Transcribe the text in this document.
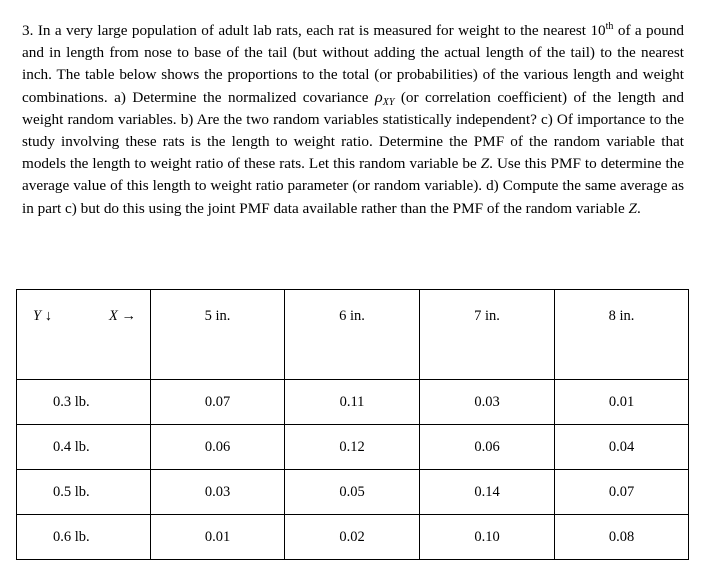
3. In a very large population of adult lab rats, each rat is measured for weight to the nearest 10th of a pound and in length from nose to base of the tail (but without adding the actual length of the tail) to the nearest inch. The table below shows the proportions to the total (or probabilities) of the various length and weight combinations. a) Determine the normalized covariance $\rho_{XY}$ (or correlation coefficient) of the length and weight random variables. b) Are the two random variables statistically independent? c) Of importance to the study involving these rats is the length to weight ratio. Determine the PMF of the random variable that models the length to weight ratio of these rats. Let this random variable be Z. Use this PMF to determine the average value of this length to weight ratio parameter (or random variable). d) Compute the same average as in part c) but do this using the joint PMF data available rather than the PMF of the random variable Z.
Y ↓ X →	5 in.	6 in.	7 in.	8 in.
0.3 lb.	0.07	0.11	0.03	0.01
0.4 lb.	0.06	0.12	0.06	0.04
0.5 lb.	0.03	0.05	0.14	0.07
0.6 lb.	0.01	0.02	0.10	0.08
